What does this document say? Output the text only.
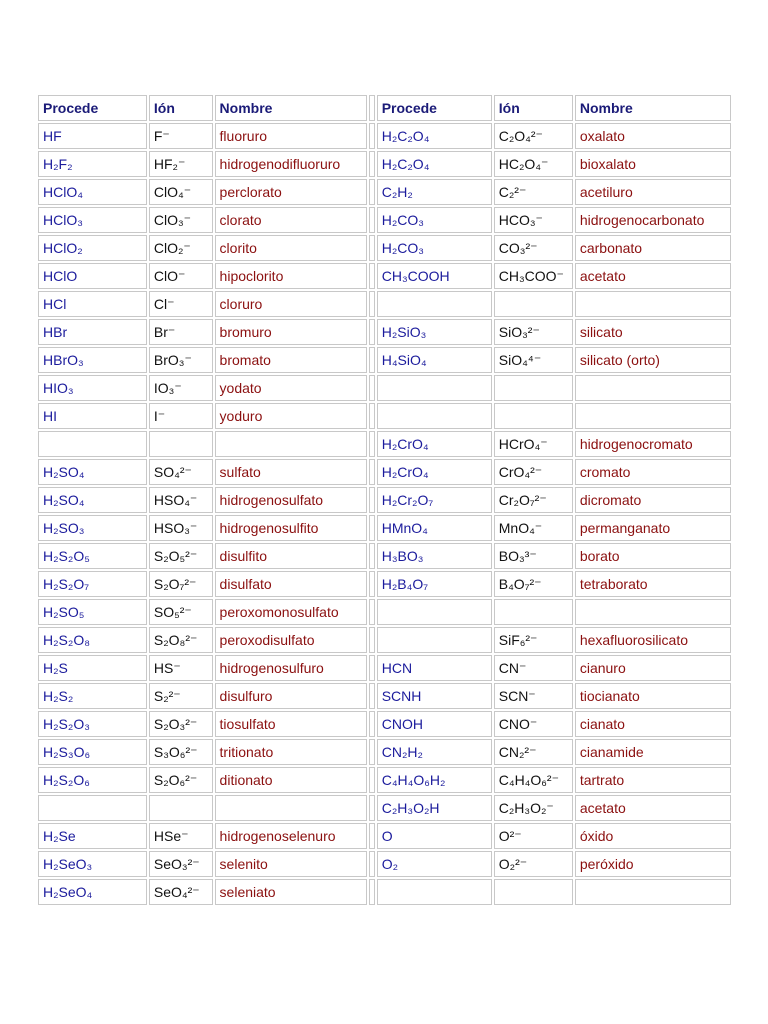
Procede	Ión	Nombre		Procede	Ión	Nombre
HF	F⁻	fluoruro		H₂C₂O₄	C₂O₄²⁻	oxalato
H₂F₂	HF₂⁻	hidrogenodifluoruro		H₂C₂O₄	HC₂O₄⁻	bioxalato
HClO₄	ClO₄⁻	perclorato		C₂H₂	C₂²⁻	acetiluro
HClO₃	ClO₃⁻	clorato		H₂CO₃	HCO₃⁻	hidrogenocarbonato
HClO₂	ClO₂⁻	clorito		H₂CO₃	CO₃²⁻	carbonato
HClO	ClO⁻	hipoclorito		CH₃COOH	CH₃COO⁻	acetato
HCl	Cl⁻	cloruro				
HBr	Br⁻	bromuro		H₂SiO₃	SiO₃²⁻	silicato
HBrO₃	BrO₃⁻	bromato		H₄SiO₄	SiO₄⁴⁻	silicato (orto)
HIO₃	IO₃⁻	yodato				
HI	I⁻	yoduro				
				H₂CrO₄	HCrO₄⁻	hidrogenocromato
H₂SO₄	SO₄²⁻	sulfato		H₂CrO₄	CrO₄²⁻	cromato
H₂SO₄	HSO₄⁻	hidrogenosulfato		H₂Cr₂O₇	Cr₂O₇²⁻	dicromato
H₂SO₃	HSO₃⁻	hidrogenosulfito		HMnO₄	MnO₄⁻	permanganato
H₂S₂O₅	S₂O₅²⁻	disulfito		H₃BO₃	BO₃³⁻	borato
H₂S₂O₇	S₂O₇²⁻	disulfato		H₂B₄O₇	B₄O₇²⁻	tetraborato
H₂SO₅	SO₅²⁻	peroxomonosulfato				
H₂S₂O₈	S₂O₈²⁻	peroxodisulfato			SiF₆²⁻	hexafluorosilicato
H₂S	HS⁻	hidrogenosulfuro		HCN	CN⁻	cianuro
H₂S₂	S₂²⁻	disulfuro		SCNH	SCN⁻	tiocianato
H₂S₂O₃	S₂O₃²⁻	tiosulfato		CNOH	CNO⁻	cianato
H₂S₃O₆	S₃O₆²⁻	tritionato		CN₂H₂	CN₂²⁻	cianamide
H₂S₂O₆	S₂O₆²⁻	ditionato		C₄H₄O₆H₂	C₄H₄O₆²⁻	tartrato
				C₂H₃O₂H	C₂H₃O₂⁻	acetato
H₂Se	HSe⁻	hidrogenoselenuro		O	O²⁻	óxido
H₂SeO₃	SeO₃²⁻	selenito		O₂	O₂²⁻	peróxido
H₂SeO₄	SeO₄²⁻	seleniato				
